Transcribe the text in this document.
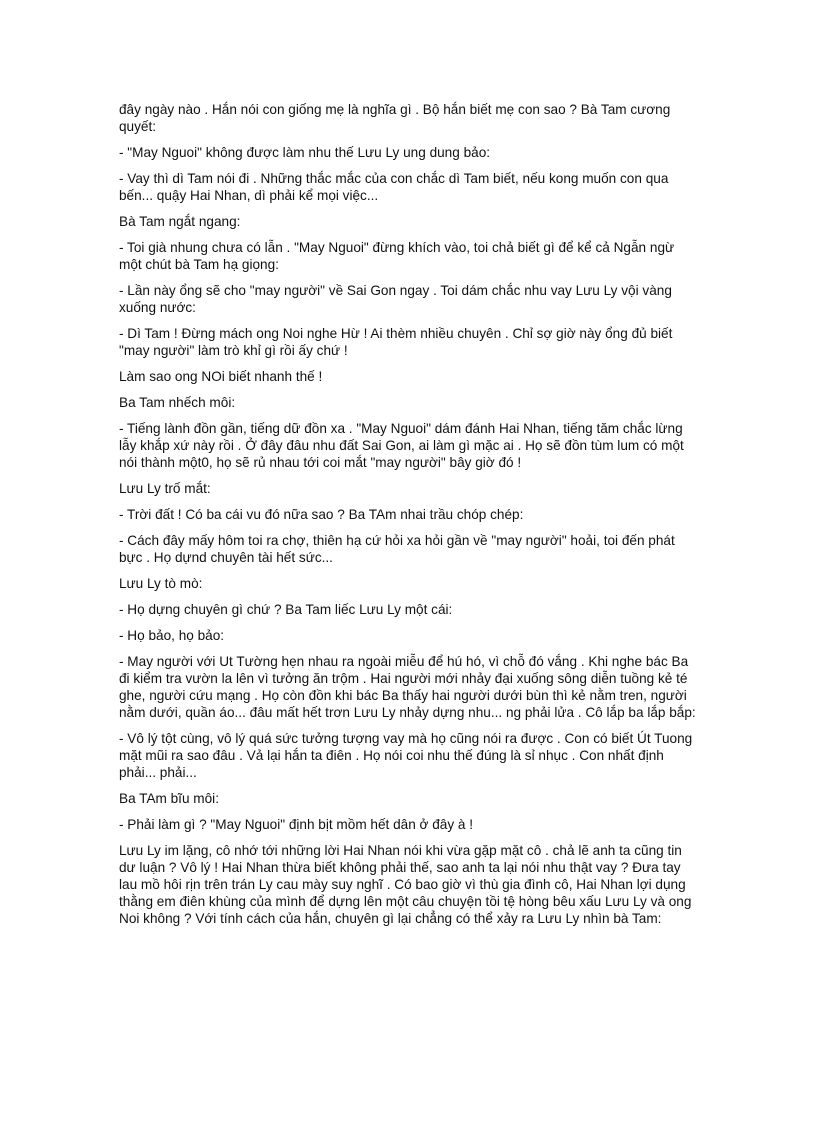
đây ngày nào . Hắn nói con giống mẹ là nghĩa gì . Bộ hắn biết mẹ con sao ? Bà Tam cương quyết:

- "May Nguoi" không được làm nhu thế Lưu Ly ung dung bảo:

- Vay thì dì Tam nói đi . Những thắc mắc của con chắc dì Tam biết, nếu kong muốn con qua bến... quậy Hai Nhan, dì phải kể mọi việc...

Bà Tam ngắt ngang:

- Toi già nhung chưa có lẫn . "May Nguoi" đừng khích vào, toi chả biết gì để kể cả Ngẫn ngừ một chút bà Tam hạ giọng:

- Lần này ổng sẽ cho "may người" về Sai Gon ngay . Toi dám chắc nhu vay Lưu Ly vội vàng xuống nước:

- Dì Tam ! Đừng mách ong Noi nghe Hừ ! Ai thèm nhiều chuyên . Chỉ sợ giờ này ổng đủ biết "may người" làm trò khỉ gì rồi ấy chứ !

Làm sao ong NOi biết nhanh thế !

Ba Tam nhếch môi:

- Tiếng lành đồn gần, tiếng dữ đồn xa . "May Nguoi" dám đánh Hai Nhan, tiếng tăm chắc lừng lẫy khắp xứ này rồi . Ở đây đâu nhu đất Sai Gon, ai làm gì mặc ai . Họ sẽ đồn tùm lum có một nói thành một0, họ sẽ rủ nhau tới coi mắt "may người" bây giờ đó !

Lưu Ly trố mắt:

- Trời đất ! Có ba cái vu đó nữa sao ? Ba TAm nhai trầu chóp chép:

- Cách đây mấy hôm toi ra chợ, thiên hạ cứ hỏi xa hỏi gần về "may người" hoải, toi đến phát bực . Họ dựnd chuyên tài hết sức...

Lưu Ly tò mò:

- Họ dựng chuyên gì chứ ? Ba Tam liếc Lưu Ly một cái:

- Họ bảo, họ bảo:

- May người với Ut Tường hẹn nhau ra ngoài miễu để hú hó, vì chỗ đó vắng . Khi nghe bác Ba đi kiểm tra vườn la lên vì tưởng ăn trộm . Hai người mới nhảy đại xuống sông diễn tuồng kẻ té ghe, người cứu mạng . Họ còn đồn khi bác Ba thấy hai người dưới bùn thì kẻ nằm tren, người nằm dưới, quần áo... đâu mất hết trơn Lưu Ly nhảy dựng nhu... ng phải lửa . Cô lắp ba lắp bắp:

- Vô lý tột cùng, vô lý quá sức tưởng tượng vay mà họ cũng nói ra được . Con có biết Út Tuong mặt mũi ra sao đâu . Vả lại hắn ta điên . Họ nói coi nhu thế đúng là sỉ nhục . Con nhất định phải... phải...

Ba TAm bĩu môi:

- Phải làm gì ? "May Nguoi" định bịt mồm hết dân ở đây à !

Lưu Ly im lặng, cô nhớ tới những lời Hai Nhan nói khi vừa gặp mặt cô . chả lẽ anh ta cũng tin dư luận ? Vô lý ! Hai Nhan thừa biết không phải thế, sao anh ta lại nói nhu thật vay ? Đưa tay lau mồ hôi rịn trên trán Ly cau mày suy nghĩ . Có bao giờ vì thù gia đình cô, Hai Nhan lợi dụng thằng em điên khùng của mình để dựng lên một câu chuyện tồi tệ hòng bêu xấu Lưu Ly và ong Noi không ? Với tính cách của hắn, chuyên gì lại chẳng có thể xảy ra Lưu Ly nhìn bà Tam:
